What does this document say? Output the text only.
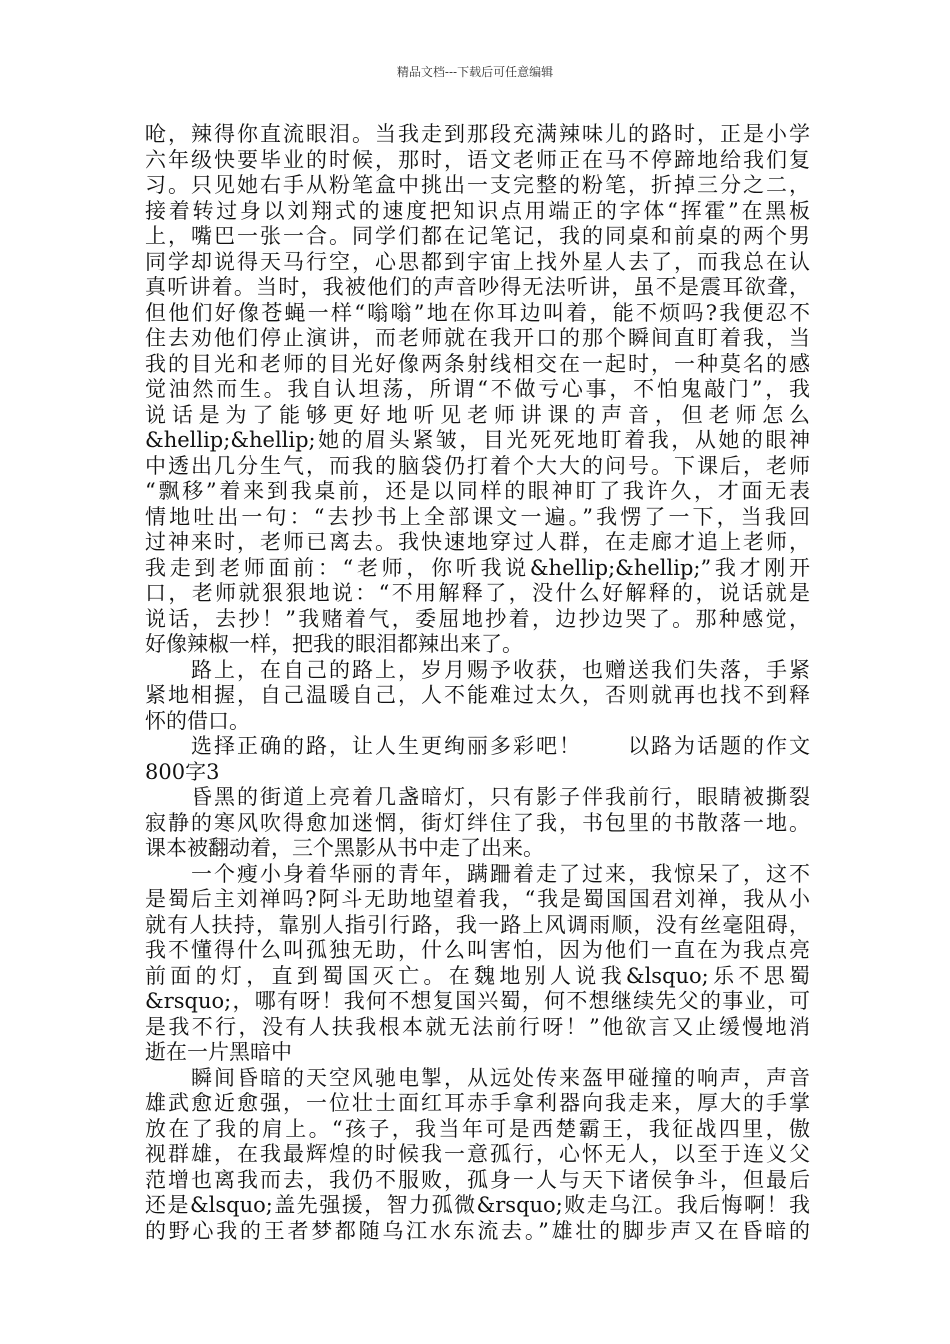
精品文档---下载后可任意编辑
呛，辣得你直流眼泪。当我走到那段充满辣味儿的路时，正是小学
六年级快要毕业的时候，那时，语文老师正在马不停蹄地给我们复
习。只见她右手从粉笔盒中挑出一支完整的粉笔，折掉三分之二，
接着转过身以刘翔式的速度把知识点用端正的字体“挥霍”在黑板
上，嘴巴一张一合。同学们都在记笔记，我的同桌和前桌的两个男
同学却说得天马行空，心思都到宇宙上找外星人去了，而我总在认
真听讲着。当时，我被他们的声音吵得无法听讲，虽不是震耳欲聋，
但他们好像苍蝇一样“嗡嗡”地在你耳边叫着，能不烦吗?我便忍不
住去劝他们停止演讲，而老师就在我开口的那个瞬间直盯着我，当
我的目光和老师的目光好像两条射线相交在一起时，一种莫名的感
觉油然而生。我自认坦荡，所谓“不做亏心事，不怕鬼敲门”，我
说话是为了能够更好地听见老师讲课的声音，但老师怎么
&hellip;&hellip;她的眉头紧皱，目光死死地盯着我，从她的眼神
中透出几分生气，而我的脑袋仍打着个大大的问号。下课后，老师
“飘移”着来到我桌前，还是以同样的眼神盯了我许久，才面无表
情地吐出一句：“去抄书上全部课文一遍。”我愣了一下，当我回
过神来时，老师已离去。我快速地穿过人群，在走廊才追上老师，
我走到老师面前：“老师，你听我说&hellip;&hellip;”我才刚开
口，老师就狠狠地说：“不用解释了，没什么好解释的，说话就是
说话，去抄！”我赌着气，委屈地抄着，边抄边哭了。那种感觉，
好像辣椒一样，把我的眼泪都辣出来了。
　　路上，在自己的路上，岁月赐予收获，也赠送我们失落，手紧
紧地相握，自己温暖自己，人不能难过太久，否则就再也找不到释
怀的借口。
　　选择正确的路，让人生更绚丽多彩吧！　　以路为话题的作文
800字3
　　昏黑的街道上亮着几盏暗灯，只有影子伴我前行，眼睛被撕裂
寂静的寒风吹得愈加迷惘，街灯绊住了我，书包里的书散落一地。
课本被翻动着，三个黑影从书中走了出来。
　　一个瘦小身着华丽的青年，蹒跚着走了过来，我惊呆了，这不
是蜀后主刘禅吗?阿斗无助地望着我，“我是蜀国国君刘禅，我从小
就有人扶持，靠别人指引行路，我一路上风调雨顺，没有丝毫阻碍，
我不懂得什么叫孤独无助，什么叫害怕，因为他们一直在为我点亮
前面的灯，直到蜀国灭亡。在魏地别人说我&lsquo;乐不思蜀
&rsquo;，哪有呀！我何不想复国兴蜀，何不想继续先父的事业，可
是我不行，没有人扶我根本就无法前行呀！”他欲言又止缓慢地消
逝在一片黑暗中
　　瞬间昏暗的天空风驰电掣，从远处传来盔甲碰撞的响声，声音
雄武愈近愈强，一位壮士面红耳赤手拿利器向我走来，厚大的手掌
放在了我的肩上。“孩子，我当年可是西楚霸王，我征战四里，傲
视群雄，在我最辉煌的时候我一意孤行，心怀无人，以至于连义父
范增也离我而去，我仍不服败，孤身一人与天下诸侯争斗，但最后
还是&lsquo;盖先强援，智力孤微&rsquo;败走乌江。我后悔啊！我
的野心我的王者梦都随乌江水东流去。”雄壮的脚步声又在昏暗的
